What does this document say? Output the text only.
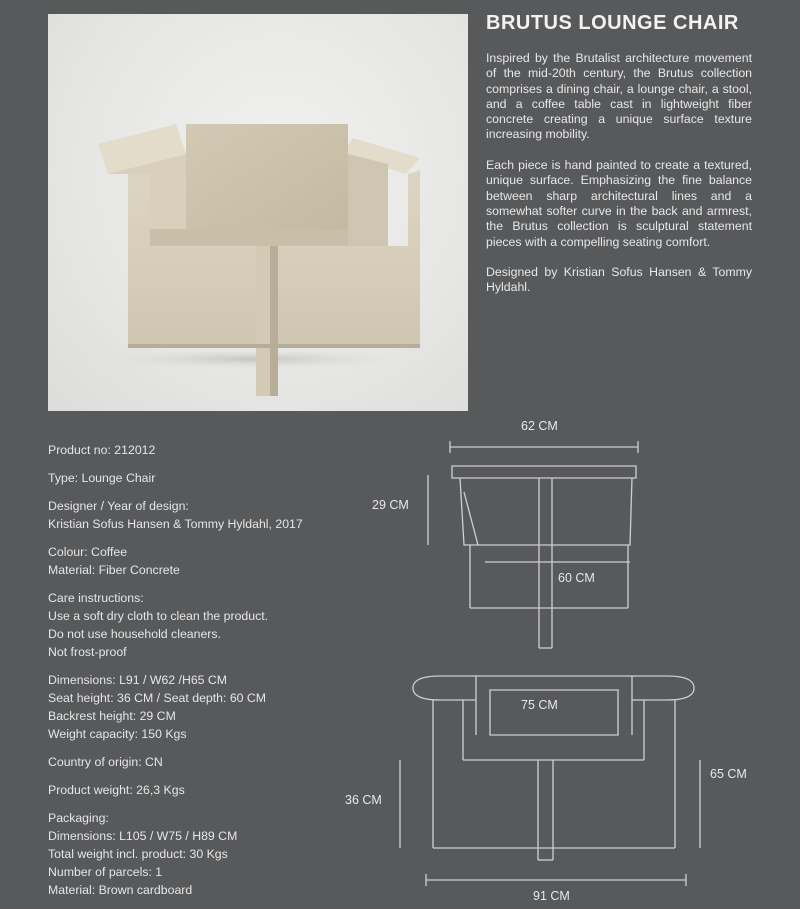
BRUTUS LOUNGE CHAIR

Inspired by the Brutalist architecture movement of the mid-20th century, the Brutus collection comprises a dining chair, a lounge chair, a stool, and a coffee table cast in lightweight fiber concrete creating a unique surface texture increasing mobility.

Each piece is hand painted to create a textured, unique surface. Emphasizing the fine balance between sharp architectural lines and a somewhat softer curve in the back and armrest, the Brutus collection is sculptural statement pieces with a compelling seating comfort.

Designed by Kristian Sofus Hansen & Tommy Hyldahl.

Product no: 212012
Type: Lounge Chair
Designer / Year of design:
Kristian Sofus Hansen & Tommy Hyldahl, 2017
Colour: Coffee
Material: Fiber Concrete
Care instructions:
Use a soft dry cloth to clean the product.
Do not use household cleaners.
Not frost-proof
Dimensions: L91 / W62 /H65 CM
Seat height: 36 CM / Seat depth: 60 CM
Backrest height: 29 CM
Weight capacity: 150 Kgs
Country of origin: CN
Product weight: 26,3 Kgs
Packaging:
Dimensions: L105 / W75 / H89 CM
Total weight incl. product: 30 Kgs
Number of parcels: 1
Material: Brown cardboard
62 CM
29 CM
60 CM
75 CM
65 CM
36 CM
91 CM
